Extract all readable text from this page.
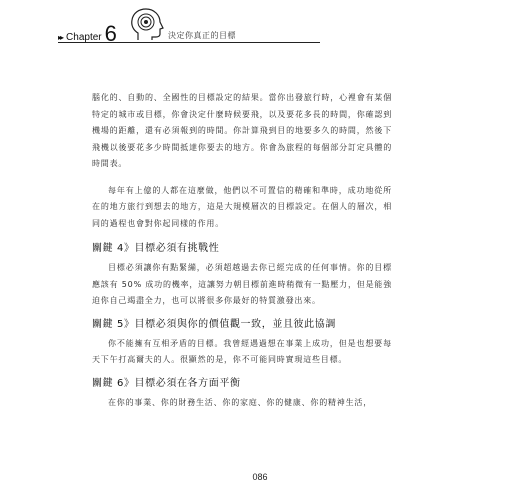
▸▸ Chapter 6	決定你真正的目標

腦化的、自動的、全國性的目標設定的結果。當你出發旅行時，心裡會有某個特定的城市或目標，你會決定什麼時候要飛，以及要花多長的時間，你確認到機場的距離，還有必須報到的時間。你計算飛到目的地要多久的時間，然後下飛機以後要花多少時間抵達你要去的地方。你會為旅程的每個部分訂定具體的時間表。

每年有上億的人都在這麼做，他們以不可置信的精確和準時，成功地從所在的地方旅行到想去的地方，這是大規模層次的目標設定。在個人的層次，相同的過程也會對你起同樣的作用。

關鍵 4》目標必須有挑戰性

目標必須讓你有點緊繃，必須超越過去你已經完成的任何事情。你的目標應該有 50% 成功的機率，這讓努力朝目標前進時稍微有一點壓力，但是能強迫你自己竭盡全力，也可以將很多你最好的特質激發出來。

關鍵 5》目標必須與你的價值觀一致，並且彼此協調

你不能擁有互相矛盾的目標。我曾經遇過想在事業上成功，但是也想要每天下午打高爾夫的人。很顯然的是，你不可能同時實現這些目標。

關鍵 6》目標必須在各方面平衡

在你的事業、你的財務生活、你的家庭、你的健康、你的精神生活，

086
